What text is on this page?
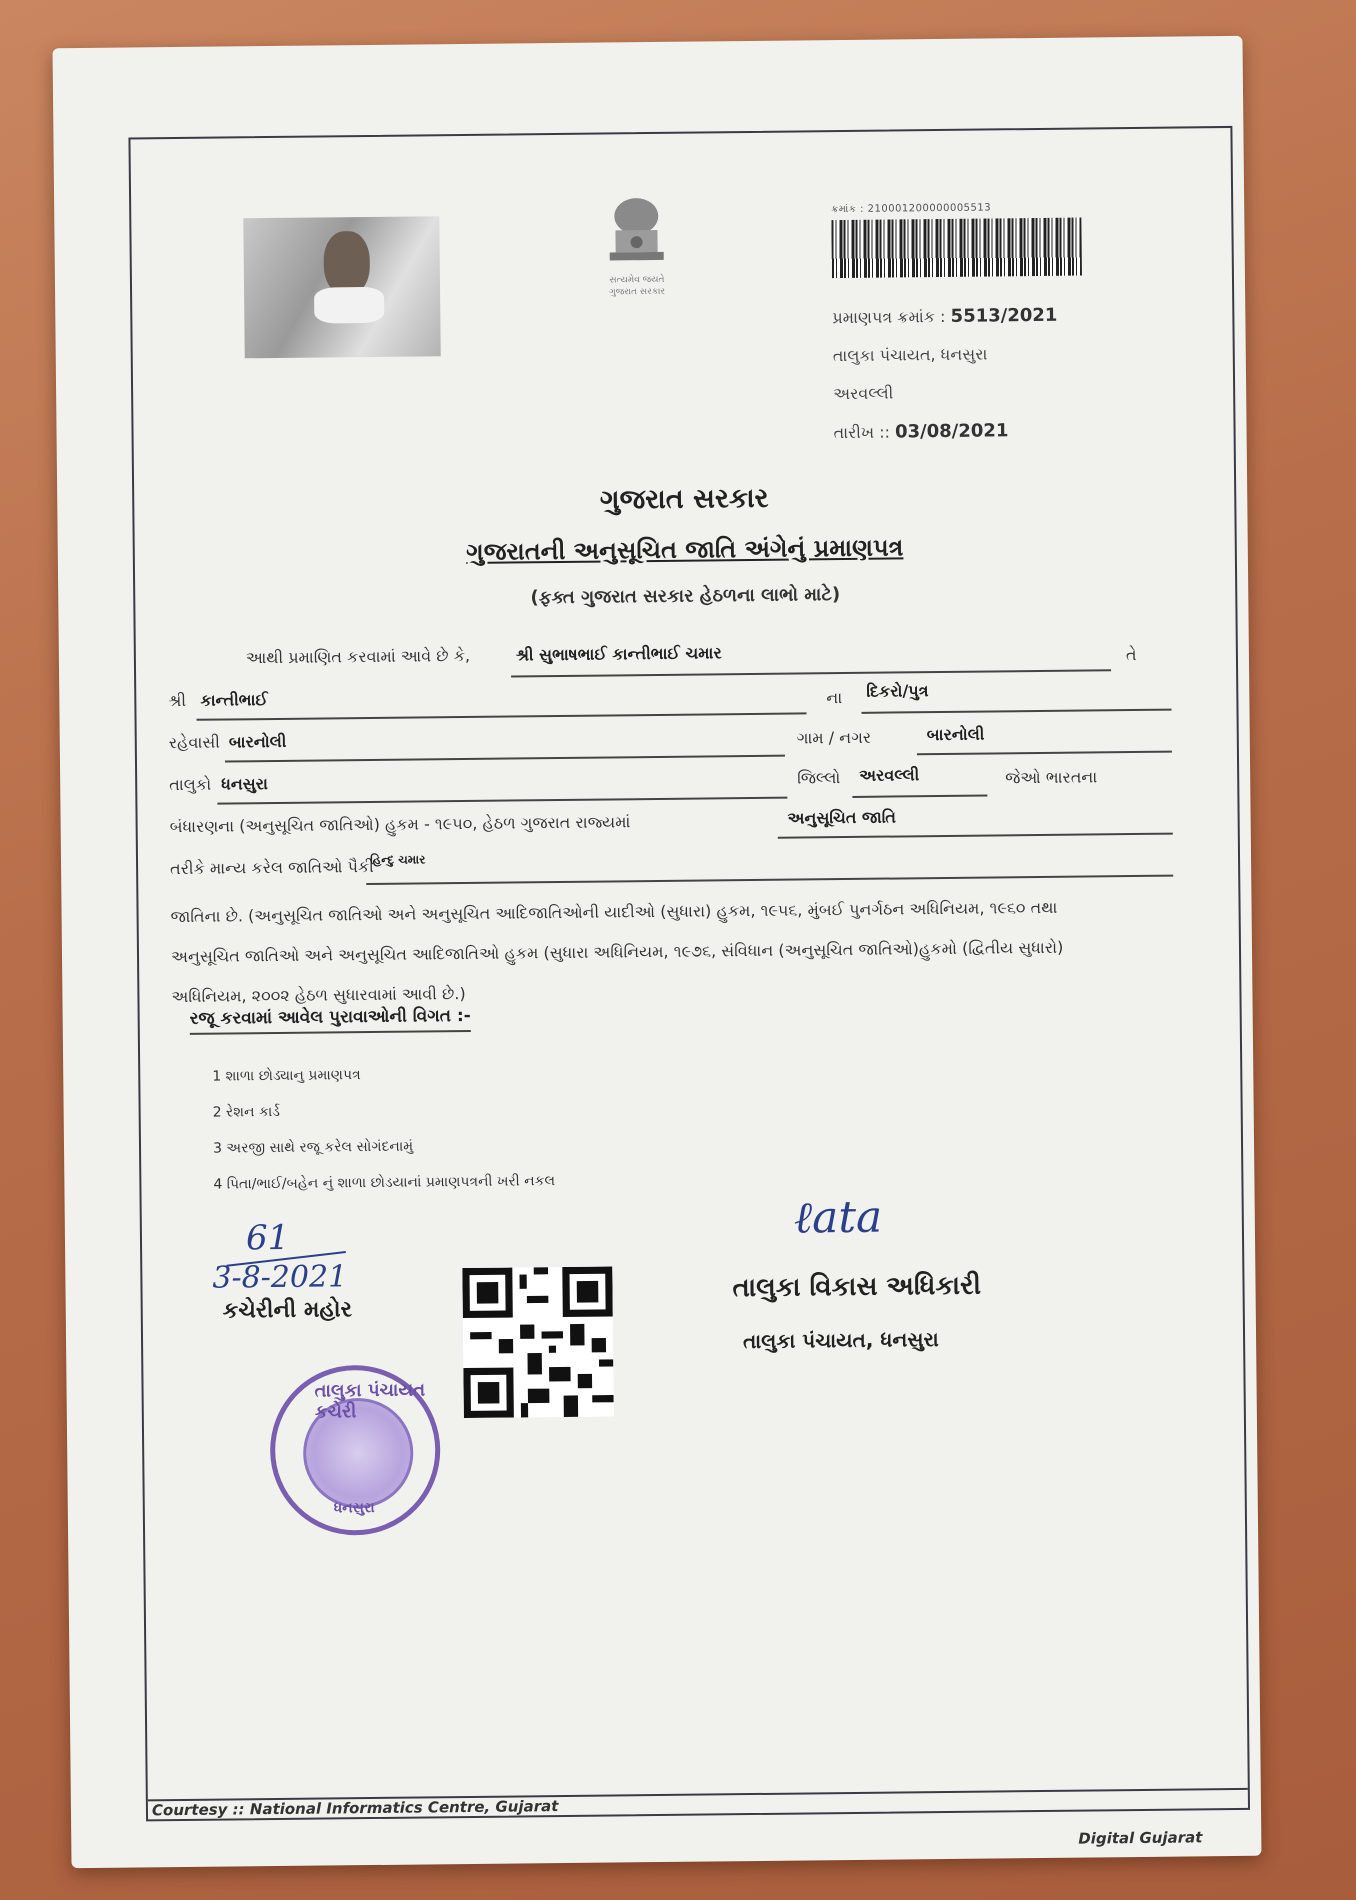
સત્યમેવ જયતે
ગુજરાત સરકાર
ક્રમાંક : 210001200000005513
પ્રમાણપત્ર ક્રમાંક : 5513/2021
તાલુકા પંચાયત, ધનસુરા
અરવલ્લી
તારીખ :: 03/08/2021
ગુજરાત સરકાર
ગુજરાતની અનુસૂચિત જાતિ અંગેનું પ્રમાણપત્ર
(ફક્ત ગુજરાત સરકાર હેઠળના લાભો માટે)
આથી પ્રમાણિત કરવામાં આવે છે કે,	શ્રી સુભાષભાઈ કાન્તીભાઈ ચમાર	તે
શ્રી કાન્તીભાઈ	ના દિકરો/પુત્ર
રહેવાસી બારનોલી	ગામ / નગર	બારનોલી
તાલુકો ધનસુરા	જિલ્લો અરવલ્લી	જેઓ ભારતના
બંધારણના (અનુસૂચિત જાતિઓ) હુકમ - ૧૯૫૦, હેઠળ ગુજરાત રાજ્યમાં	અનુસૂચિત જાતિ
તરીકે માન્ય કરેલ જાતિઓ પૈકી
હિન્દુ ચમાર
જાતિના છે. (અનુસૂચિત જાતિઓ અને અનુસૂચિત આદિજાતિઓની યાદીઓ (સુધારા) હુકમ, ૧૯૫૬, મુંબઈ પુનર્ગઠન અધિનિયમ, ૧૯૬૦ તથા
અનુસૂચિત જાતિઓ અને અનુસૂચિત આદિજાતિઓ હુકમ (સુધારા અધિનિયમ, ૧૯૭૬, સંવિધાન (અનુસૂચિત જાતિઓ)હુકમો (દ્વિતીય સુધારો)
અધિનિયમ, ૨૦૦૨ હેઠળ સુધારવામાં આવી છે.)
રજૂ કરવામાં આવેલ પુરાવાઓની વિગત :-
1 શાળા છોડ્યાનુ પ્રમાણપત્ર
2 રેશન કાર્ડ
3 અરજી સાથે રજૂ કરેલ સોગંદનામું
4 પિતા/ભાઈ/બહેન નું શાળા છોડયાનાં પ્રમાણપત્રની ખરી નકલ
61
3-8-2021
કચેરીની મહોર
તાલુકા પંચાયત કચેરી
ધનસુરા
ℓata
તાલુકા વિકાસ અધિકારી
તાલુકા પંચાયત, ધનસુરા
Courtesy :: National Informatics Centre, Gujarat
Digital Gujarat
